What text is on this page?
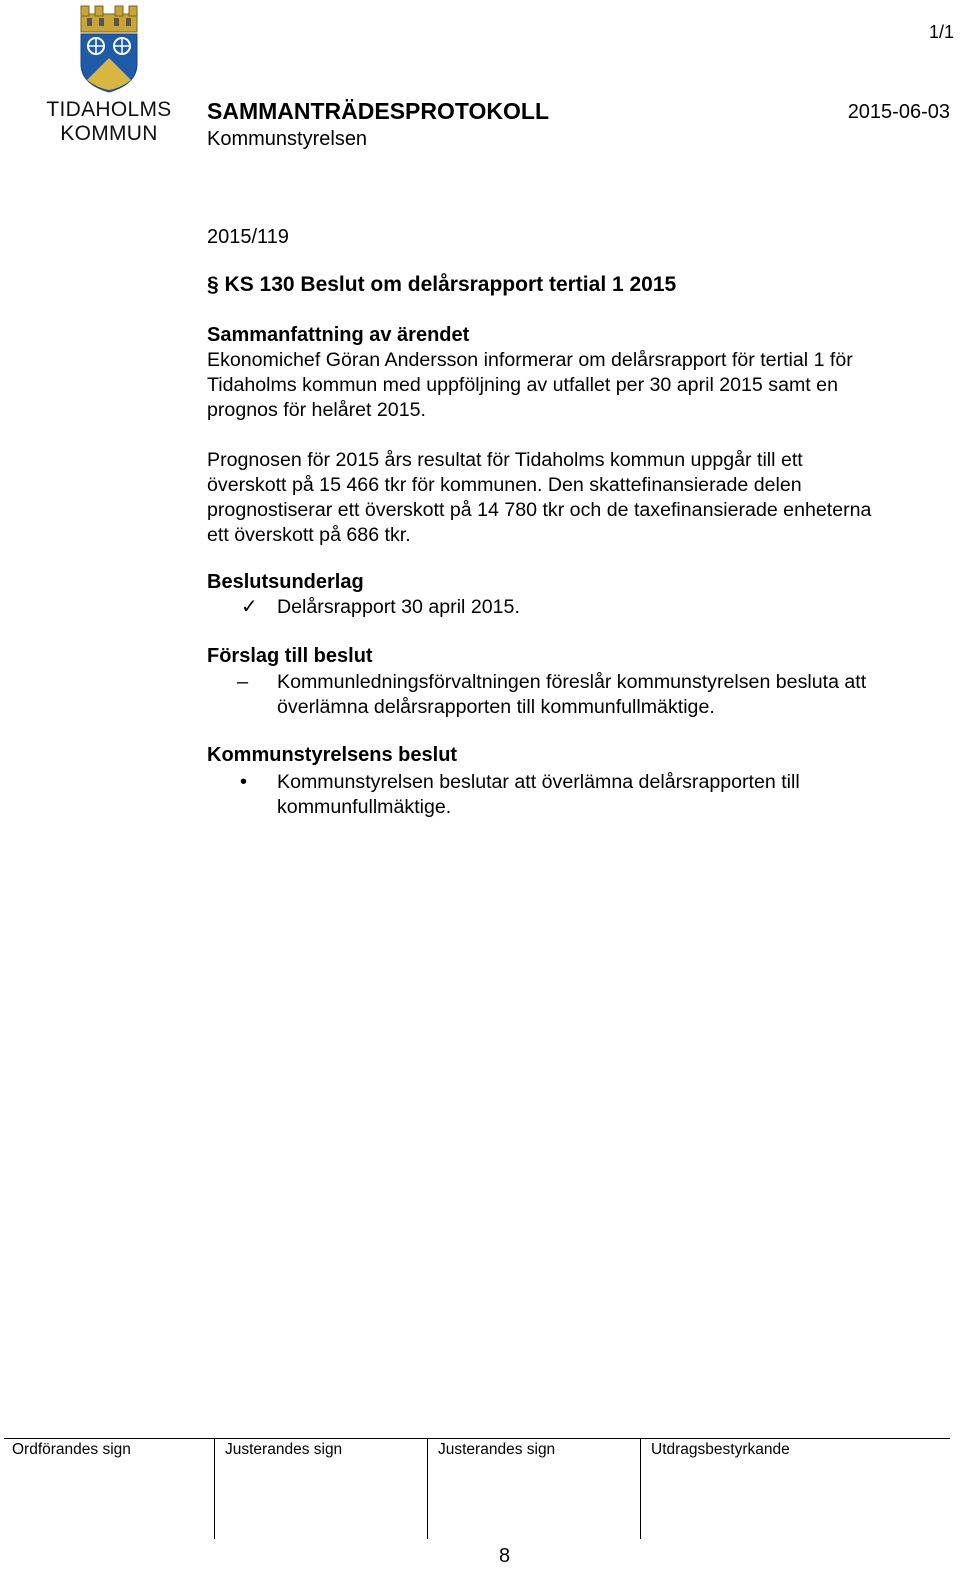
1/1
TIDAHOLMS
KOMMUN
SAMMANTRÄDESPROTOKOLL
Kommunstyrelsen
2015-06-03
2015/119
§ KS 130 Beslut om delårsrapport tertial 1 2015
Sammanfattning av ärendet
Ekonomichef Göran Andersson informerar om delårsrapport för tertial 1 för
Tidaholms kommun med uppföljning av utfallet per 30 april 2015 samt en
prognos för helåret 2015.
Prognosen för 2015 års resultat för Tidaholms kommun uppgår till ett
överskott på 15 466 tkr för kommunen. Den skattefinansierade delen
prognostiserar ett överskott på 14 780 tkr och de taxefinansierade enheterna
ett överskott på 686 tkr.
Beslutsunderlag
✓ Delårsrapport 30 april 2015.
Förslag till beslut
– Kommunledningsförvaltningen föreslår kommunstyrelsen besluta att
överlämna delårsrapporten till kommunfullmäktige.
Kommunstyrelsens beslut
• Kommunstyrelsen beslutar att överlämna delårsrapporten till
kommunfullmäktige.
Ordförandes sign	Justerandes sign	Justerandes sign	Utdragsbestyrkande
8
